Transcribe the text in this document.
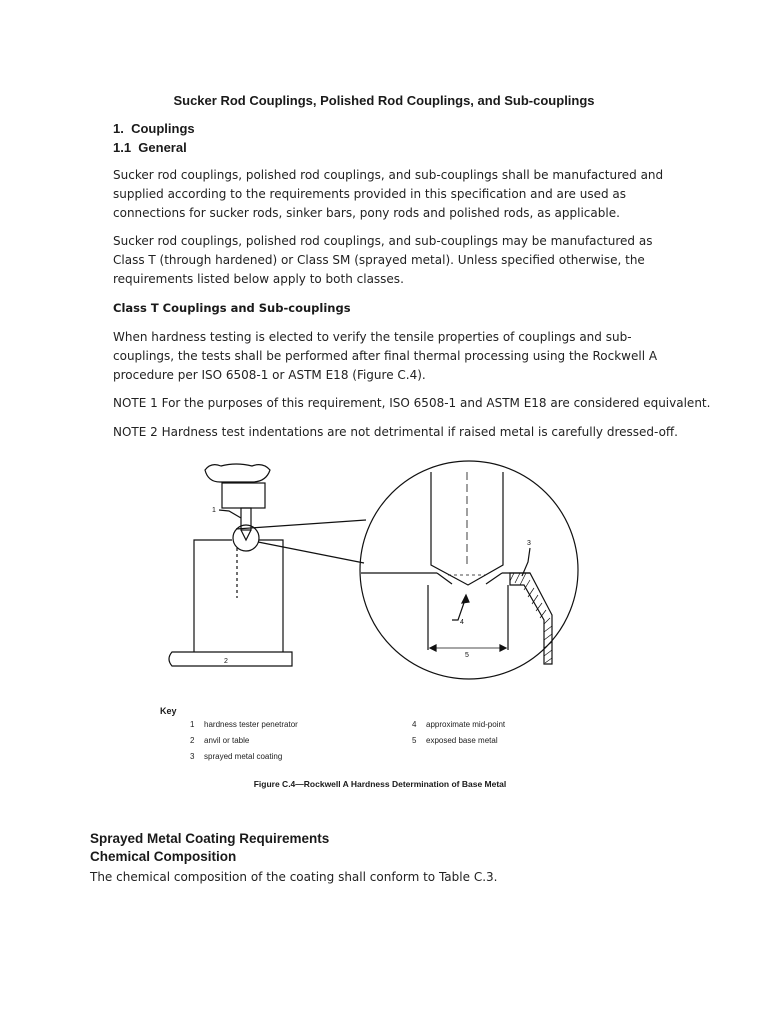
Sucker Rod Couplings, Polished Rod Couplings, and Sub-couplings
1.  Couplings
1.1  General

Sucker rod couplings, polished rod couplings, and sub-couplings shall be manufactured and supplied according to the requirements provided in this specification and are used as connections for sucker rods, sinker bars, pony rods and polished rods, as applicable.

Sucker rod couplings, polished rod couplings, and sub-couplings may be manufactured as Class T (through hardened) or Class SM (sprayed metal). Unless specified otherwise, the requirements listed below apply to both classes.

Class T Couplings and Sub-couplings

When hardness testing is elected to verify the tensile properties of couplings and sub-couplings, the tests shall be performed after final thermal processing using the Rockwell A procedure per ISO 6508-1 or ASTM E18 (Figure C.4).

NOTE 1 For the purposes of this requirement, ISO 6508-1 and ASTM E18 are considered equivalent.
NOTE 2 Hardness test indentations are not detrimental if raised metal is carefully dressed-off.
1
2
3
4
5
Key
1 hardness tester penetrator
2 anvil or table
3 sprayed metal coating
4 approximate mid-point
5 exposed base metal
Figure C.4—Rockwell A Hardness Determination of Base Metal
Sprayed Metal Coating Requirements
Chemical Composition
The chemical composition of the coating shall conform to Table C.3.
